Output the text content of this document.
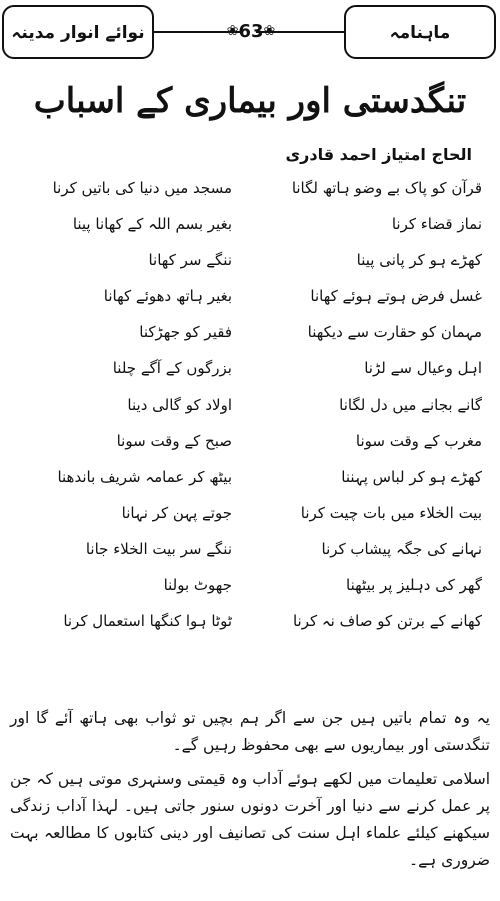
ماہنامہ
❀ 63 ❀
نوائے انوار مدینہ
تنگدستی اور بیماری کے اسباب
الحاج امتیاز احمد قادری
قرآن کو پاک بے وضو ہاتھ لگانا
نماز قضاء کرنا
کھڑے ہو کر پانی پینا
غسل فرض ہوتے ہوئے کھانا
مہمان کو حقارت سے دیکھنا
اہل وعیال سے لڑنا
گانے بجانے میں دل لگانا
مغرب کے وقت سونا
کھڑے ہو کر لباس پہننا
بیت الخلاء میں بات چیت کرنا
نہانے کی جگہ پیشاب کرنا
گھر کی دہلیز پر بیٹھنا
کھانے کے برتن کو صاف نہ کرنا
مسجد میں دنیا کی باتیں کرنا
بغیر بسم اللہ کے کھانا پینا
ننگے سر کھانا
بغیر ہاتھ دھوئے کھانا
فقیر کو جھڑکنا
بزرگوں کے آگے چلنا
اولاد کو گالی دینا
صبح کے وقت سونا
بیٹھ کر عمامہ شریف باندھنا
جوتے پہن کر نہانا
ننگے سر بیت الخلاء جانا
جھوٹ بولنا
ٹوٹا ہوا کنگھا استعمال کرنا
یہ وہ تمام باتیں ہیں جن سے اگر ہم بچیں تو ثواب بھی ہاتھ آئے گا اور تنگدستی اور بیماریوں سے بھی محفوظ رہیں گے۔
اسلامی تعلیمات میں لکھے ہوئے آداب وہ قیمتی وسنہری موتی ہیں کہ جن پر عمل کرنے سے دنیا اور آخرت دونوں سنور جاتی ہیں۔ لہذا آداب زندگی سیکھنے کیلئے علماء اہل سنت کی تصانیف اور دینی کتابوں کا مطالعہ بہت ضروری ہے۔
